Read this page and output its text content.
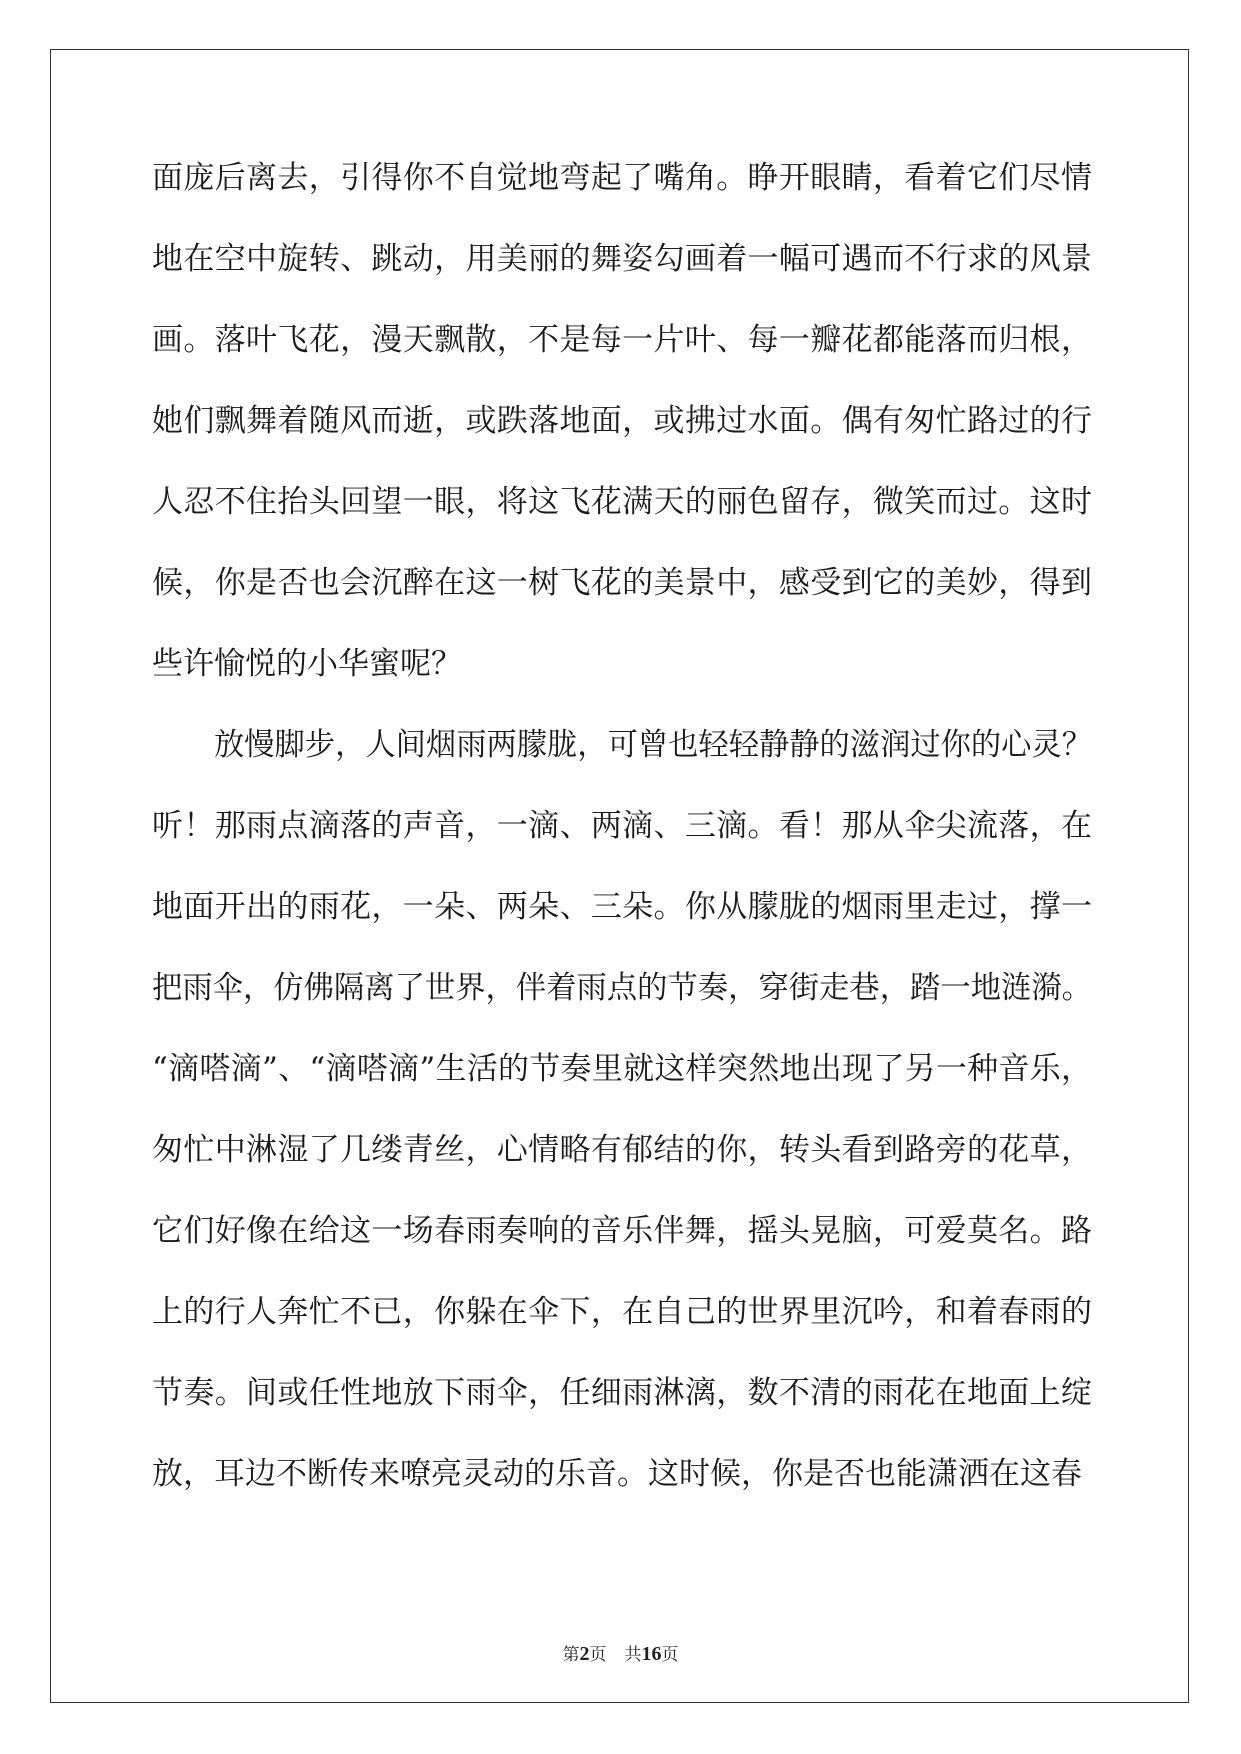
面庞后离去，引得你不自觉地弯起了嘴角。睁开眼睛，看着它们尽情
地在空中旋转、跳动，用美丽的舞姿勾画着一幅可遇而不行求的风景
画。落叶飞花，漫天飘散，不是每一片叶、每一瓣花都能落而归根，
她们飘舞着随风而逝，或跌落地面，或拂过水面。偶有匆忙路过的行
人忍不住抬头回望一眼，将这飞花满天的丽色留存，微笑而过。这时
候，你是否也会沉醉在这一树飞花的美景中，感受到它的美妙，得到
些许愉悦的小华蜜呢？
放慢脚步，人间烟雨两朦胧，可曾也轻轻静静的滋润过你的心灵？
听！那雨点滴落的声音，一滴、两滴、三滴。看！那从伞尖流落，在
地面开出的雨花，一朵、两朵、三朵。你从朦胧的烟雨里走过，撑一
把雨伞，仿佛隔离了世界，伴着雨点的节奏，穿街走巷，踏一地涟漪。
“滴嗒滴”、“滴嗒滴”生活的节奏里就这样突然地出现了另一种音乐，
匆忙中淋湿了几缕青丝，心情略有郁结的你，转头看到路旁的花草，
它们好像在给这一场春雨奏响的音乐伴舞，摇头晃脑，可爱莫名。路
上的行人奔忙不已，你躲在伞下，在自己的世界里沉吟，和着春雨的
节奏。间或任性地放下雨伞，任细雨淋漓，数不清的雨花在地面上绽
放，耳边不断传来嘹亮灵动的乐音。这时候，你是否也能潇洒在这春
第2页 共16页
